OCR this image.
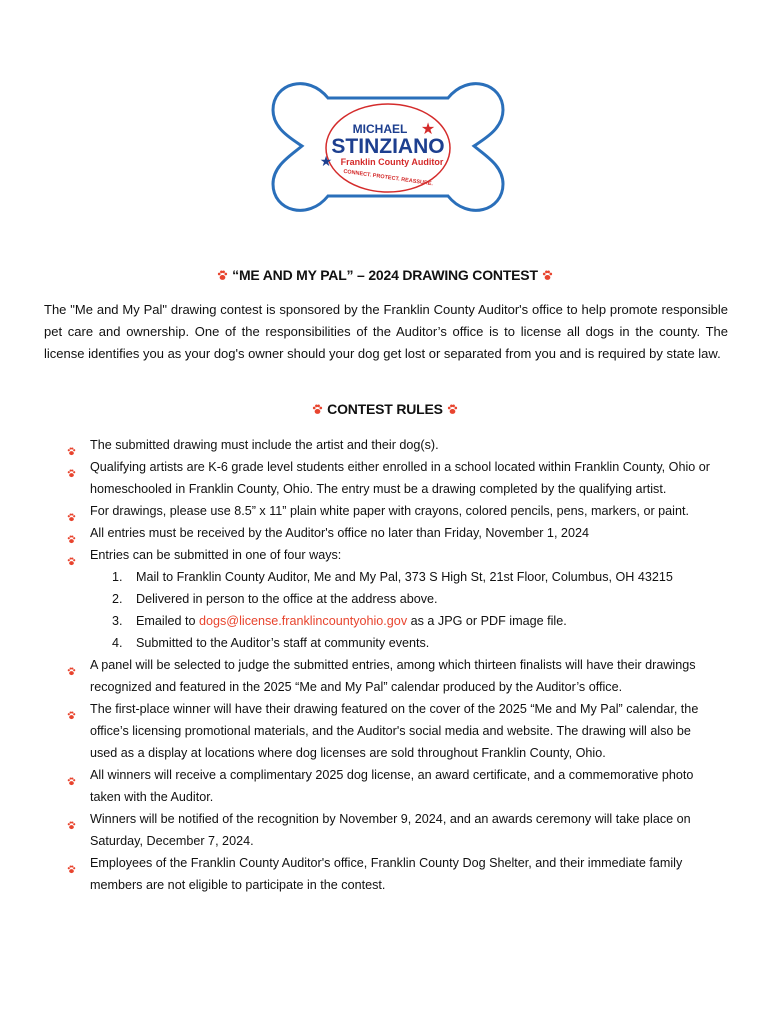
MICHAEL ★
STINZIANO
★ Franklin County Auditor
CONNECT. PROTECT. REASSURE.
“ME AND MY PAL” – 2024 DRAWING CONTEST

The "Me and My Pal" drawing contest is sponsored by the Franklin County Auditor's office to help promote responsible pet care and ownership. One of the responsibilities of the Auditor’s office is to license all dogs in the county. The license identifies you as your dog's owner should your dog get lost or separated from you and is required by state law.

CONTEST RULES
The submitted drawing must include the artist and their dog(s).
Qualifying artists are K-6 grade level students either enrolled in a school located within Franklin County, Ohio or homeschooled in Franklin County, Ohio. The entry must be a drawing completed by the qualifying artist.
For drawings, please use 8.5” x 11” plain white paper with crayons, colored pencils, pens, markers, or paint.
All entries must be received by the Auditor's office no later than Friday, November 1, 2024
Entries can be submitted in one of four ways:
1. Mail to Franklin County Auditor, Me and My Pal, 373 S High St, 21st Floor, Columbus, OH 43215
2. Delivered in person to the office at the address above.
3. Emailed to dogs@license.franklincountyohio.gov as a JPG or PDF image file.
4. Submitted to the Auditor’s staff at community events.
A panel will be selected to judge the submitted entries, among which thirteen finalists will have their drawings recognized and featured in the 2025 “Me and My Pal” calendar produced by the Auditor’s office.
The first-place winner will have their drawing featured on the cover of the 2025 “Me and My Pal” calendar, the office’s licensing promotional materials, and the Auditor's social media and website. The drawing will also be used as a display at locations where dog licenses are sold throughout Franklin County, Ohio.
All winners will receive a complimentary 2025 dog license, an award certificate, and a commemorative photo taken with the Auditor.
Winners will be notified of the recognition by November 9, 2024, and an awards ceremony will take place on Saturday, December 7, 2024.
Employees of the Franklin County Auditor's office, Franklin County Dog Shelter, and their immediate family members are not eligible to participate in the contest.
